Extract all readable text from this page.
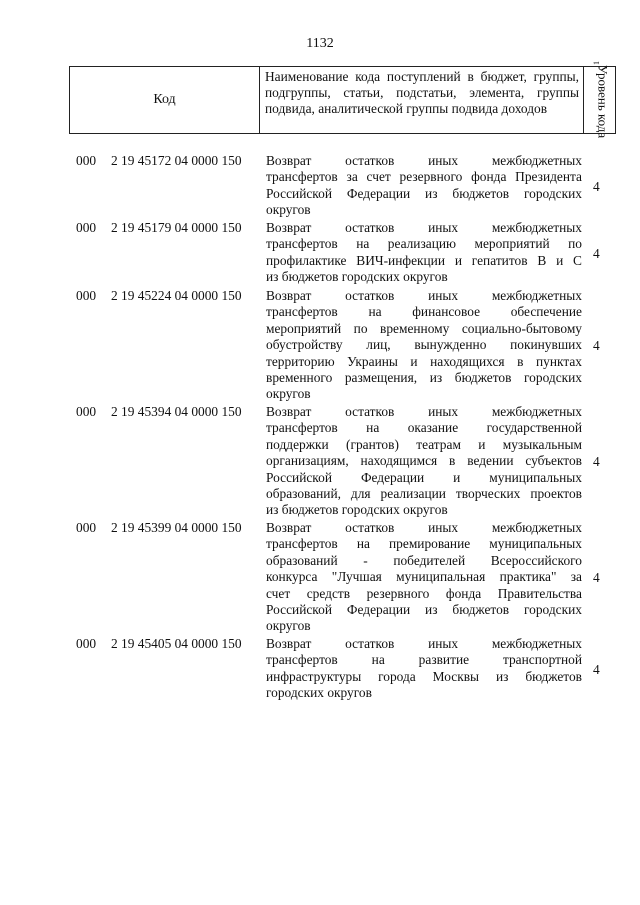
1132
Код
Наименование кода поступлений в бюджет, группы, подгруппы, статьи, подстатьи, элемента, группы подвида, аналитической группы подвида доходов	Уровень кода$^1$
000 2 19 45172 04 0000 150 Возврат остатков иных межбюджетных
трансфертов за счет резервного фонда Президента
Российской Федерации из бюджетов городских
округов
4
000 2 19 45179 04 0000 150 Возврат остатков иных межбюджетных
трансфертов на реализацию мероприятий по
профилактике ВИЧ-инфекции и гепатитов В и С
из бюджетов городских округов
4
000 2 19 45224 04 0000 150 Возврат остатков иных межбюджетных
трансфертов на финансовое обеспечение
мероприятий по временному социально-бытовому
обустройству лиц, вынужденно покинувших
территорию Украины и находящихся в пунктах
временного размещения, из бюджетов городских
округов
4
000 2 19 45394 04 0000 150 Возврат остатков иных межбюджетных
трансфертов на оказание государственной
поддержки (грантов) театрам и музыкальным
организациям, находящимся в ведении субъектов
Российской Федерации и муниципальных
образований, для реализации творческих проектов
из бюджетов городских округов
4
000 2 19 45399 04 0000 150 Возврат остатков иных межбюджетных
трансфертов на премирование муниципальных
образований - победителей Всероссийского
конкурса "Лучшая муниципальная практика" за
счет средств резервного фонда Правительства
Российской Федерации из бюджетов городских
округов
4
000 2 19 45405 04 0000 150 Возврат остатков иных межбюджетных
трансфертов на развитие транспортной
инфраструктуры города Москвы из бюджетов
городских округов
4
